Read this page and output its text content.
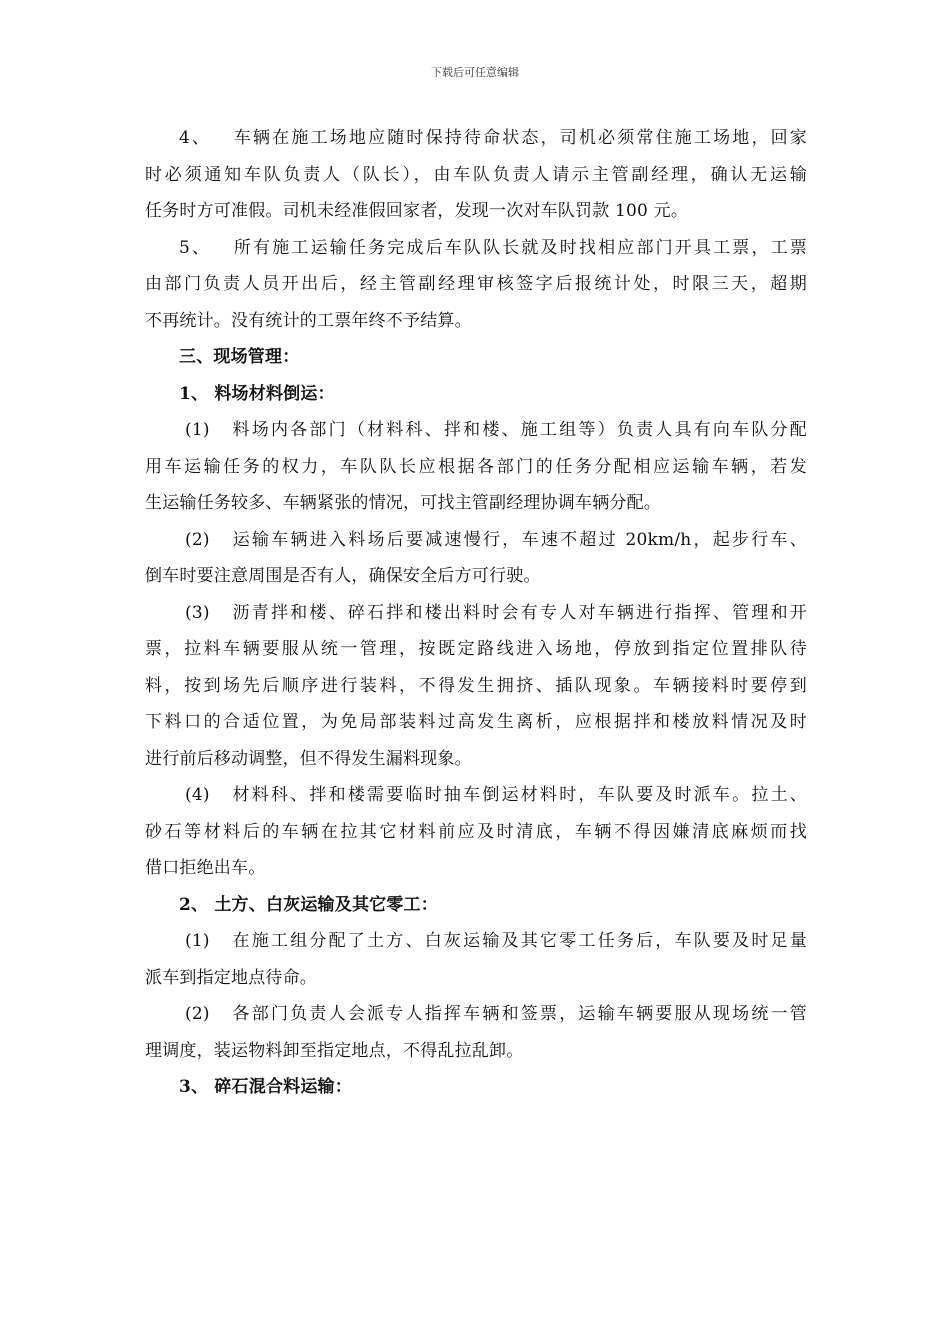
下载后可任意编辑

4、 车辆在施工场地应随时保持待命状态，司机必须常住施工场地，回家

时必须通知车队负责人（队长），由车队负责人请示主管副经理，确认无运输

任务时方可准假。司机未经准假回家者，发现一次对车队罚款 100 元。

5、 所有施工运输任务完成后车队队长就及时找相应部门开具工票，工票

由部门负责人员开出后，经主管副经理审核签字后报统计处，时限三天，超期

不再统计。没有统计的工票年终不予结算。

三、现场管理：

1、 料场材料倒运：

(1) 料场内各部门（材料科、拌和楼、施工组等）负责人具有向车队分配

用车运输任务的权力，车队队长应根据各部门的任务分配相应运输车辆，若发

生运输任务较多、车辆紧张的情况，可找主管副经理协调车辆分配。

(2) 运输车辆进入料场后要减速慢行，车速不超过 20km/h，起步行车、

倒车时要注意周围是否有人，确保安全后方可行驶。

(3) 沥青拌和楼、碎石拌和楼出料时会有专人对车辆进行指挥、管理和开

票，拉料车辆要服从统一管理，按既定路线进入场地，停放到指定位置排队待

料，按到场先后顺序进行装料，不得发生拥挤、插队现象。车辆接料时要停到

下料口的合适位置，为免局部装料过高发生离析，应根据拌和楼放料情况及时

进行前后移动调整，但不得发生漏料现象。

(4) 材料科、拌和楼需要临时抽车倒运材料时，车队要及时派车。拉土、

砂石等材料后的车辆在拉其它材料前应及时清底，车辆不得因嫌清底麻烦而找

借口拒绝出车。

2、 土方、白灰运输及其它零工：

(1) 在施工组分配了土方、白灰运输及其它零工任务后，车队要及时足量

派车到指定地点待命。

(2) 各部门负责人会派专人指挥车辆和签票，运输车辆要服从现场统一管

理调度，装运物料卸至指定地点，不得乱拉乱卸。

3、 碎石混合料运输：
